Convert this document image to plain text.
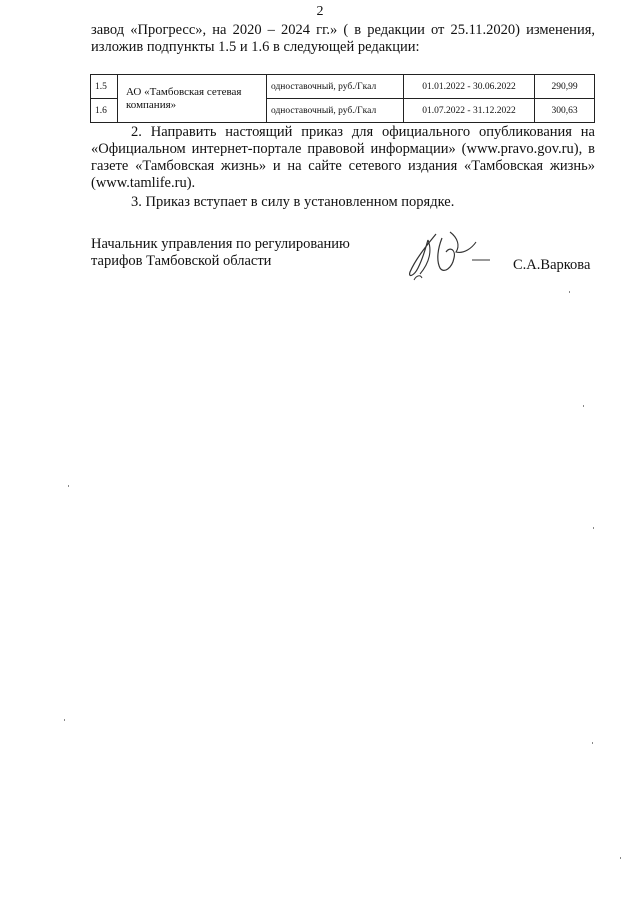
2

завод «Прогресс», на 2020 – 2024 гг.» ( в редакции от 25.11.2020) изменения,

изложив подпункты 1.5 и 1.6 в следующей редакции:

1.5	АО «Тамбовская сетевая компания»	одноставочный, руб./Гкал	01.01.2022 - 30.06.2022	290,99
1.6		одноставочный, руб./Гкал	01.07.2022 - 31.12.2022	300,63

2. Направить настоящий приказ для официального опубликования на «Официальном интернет-портале правовой информации» (www.pravo.gov.ru), в газете «Тамбовская жизнь» и на сайте сетевого издания «Тамбовская жизнь» (www.tamlife.ru).

3. Приказ вступает в силу в установленном порядке.

Начальник управления по регулированию
тарифов Тамбовской области	С.А.Варкова
